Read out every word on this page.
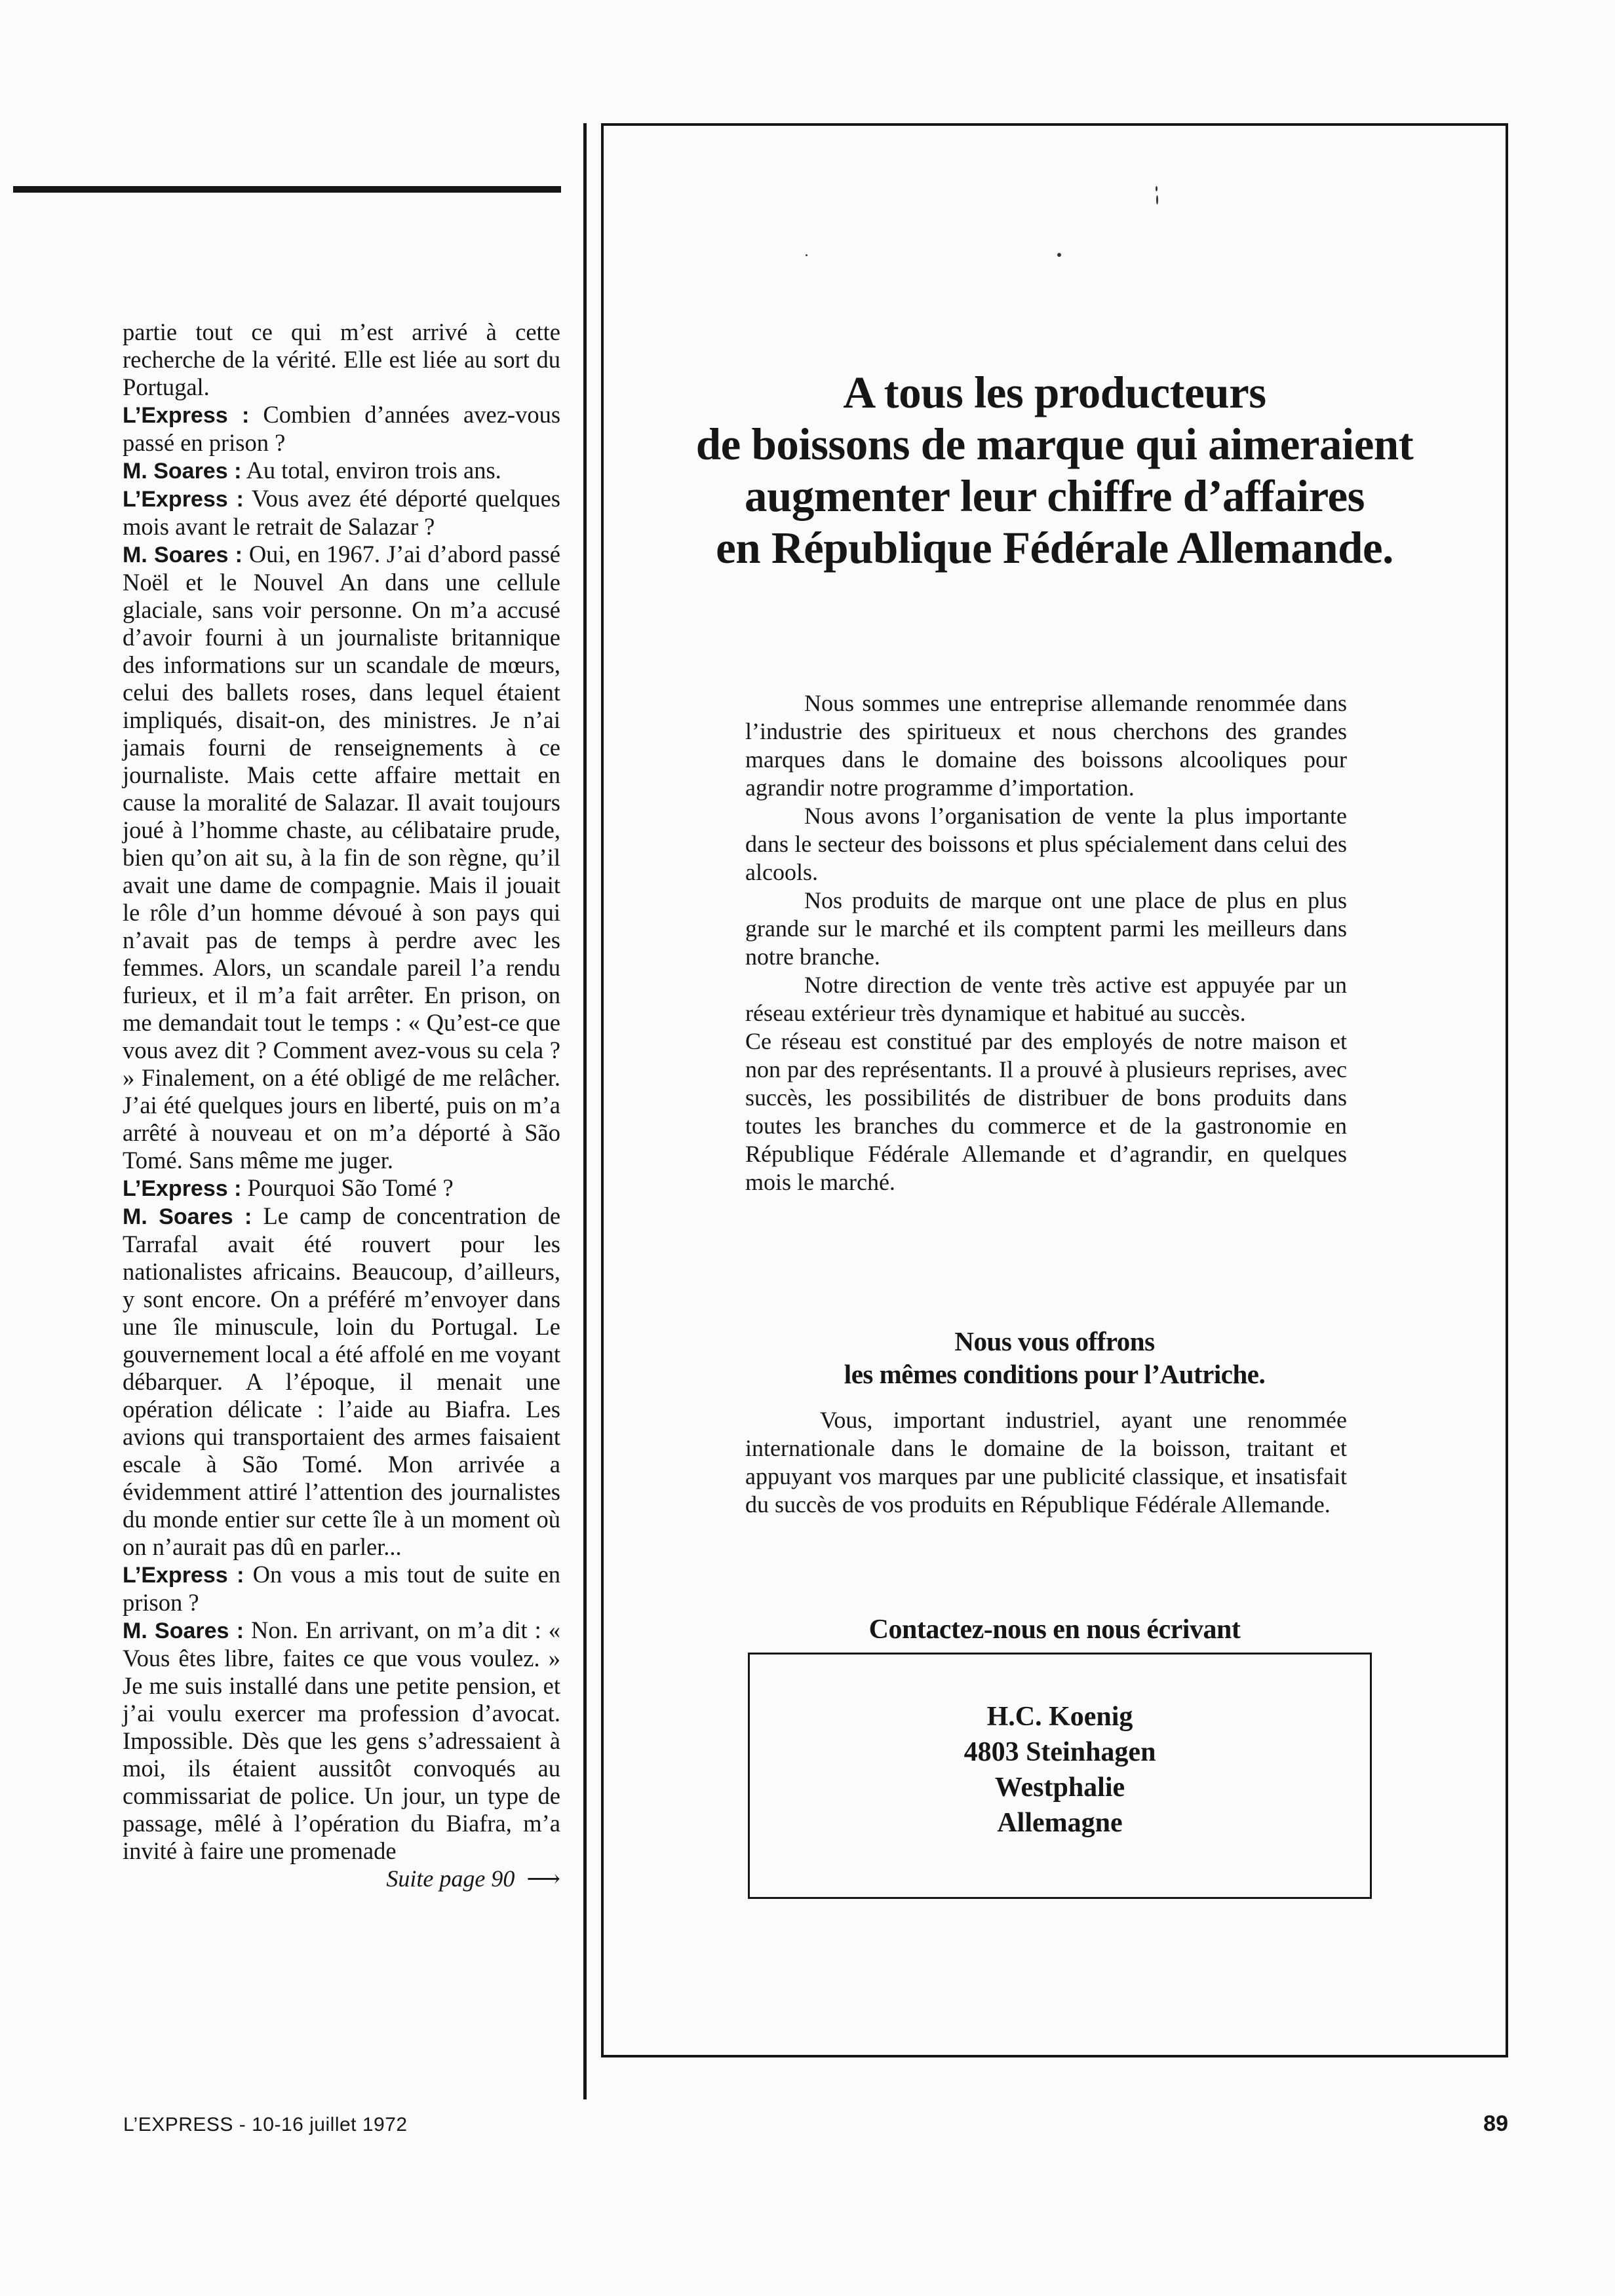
partie tout ce qui m’est arrivé à cette recherche de la vérité. Elle est liée au sort du Portugal.

L’Express : Combien d’années avez-vous passé en prison ?

M. Soares : Au total, environ trois ans.

L’Express : Vous avez été déporté quelques mois avant le retrait de Salazar ?

M. Soares : Oui, en 1967. J’ai d’abord passé Noël et le Nouvel An dans une cellule glaciale, sans voir personne. On m’a accusé d’avoir fourni à un journaliste britannique des informations sur un scandale de mœurs, celui des ballets roses, dans lequel étaient impliqués, disait-on, des ministres. Je n’ai jamais fourni de renseignements à ce journaliste. Mais cette affaire mettait en cause la moralité de Salazar. Il avait toujours joué à l’homme chaste, au célibataire prude, bien qu’on ait su, à la fin de son règne, qu’il avait une dame de compagnie. Mais il jouait le rôle d’un homme dévoué à son pays qui n’avait pas de temps à perdre avec les femmes. Alors, un scandale pareil l’a rendu furieux, et il m’a fait arrêter. En prison, on me demandait tout le temps : « Qu’est-ce que vous avez dit ? Comment avez-vous su cela ? » Finalement, on a été obligé de me relâcher. J’ai été quelques jours en liberté, puis on m’a arrêté à nouveau et on m’a déporté à São Tomé. Sans même me juger.

L’Express : Pourquoi São Tomé ?

M. Soares : Le camp de concentration de Tarrafal avait été rouvert pour les nationalistes africains. Beaucoup, d’ailleurs, y sont encore. On a préféré m’envoyer dans une île minuscule, loin du Portugal. Le gouvernement local a été affolé en me voyant débarquer. A l’époque, il menait une opération délicate : l’aide au Biafra. Les avions qui transportaient des armes faisaient escale à São Tomé. Mon arrivée a évidemment attiré l’attention des journalistes du monde entier sur cette île à un moment où on n’aurait pas dû en parler...

L’Express : On vous a mis tout de suite en prison ?

M. Soares : Non. En arrivant, on m’a dit : « Vous êtes libre, faites ce que vous voulez. » Je me suis installé dans une petite pension, et j’ai voulu exercer ma profession d’avocat. Impossible. Dès que les gens s’adressaient à moi, ils étaient aussitôt convoqués au commissariat de police. Un jour, un type de passage, mêlé à l’opération du Biafra, m’a invité à faire une promenade

Suite page 90 ⟶
A tous les producteurs
de boissons de marque qui aimeraient
augmenter leur chiffre d’affaires
en République Fédérale Allemande.

Nous sommes une entreprise allemande renommée dans l’industrie des spiritueux et nous cherchons des grandes marques dans le domaine des boissons alcooliques pour agrandir notre programme d’importation.

Nous avons l’organisation de vente la plus importante dans le secteur des boissons et plus spécialement dans celui des alcools.

Nos produits de marque ont une place de plus en plus grande sur le marché et ils comptent parmi les meilleurs dans notre branche.

Notre direction de vente très active est appuyée par un réseau extérieur très dynamique et habitué au succès.

Ce réseau est constitué par des employés de notre maison et non par des représentants. Il a prouvé à plusieurs reprises, avec succès, les possibilités de distribuer de bons produits dans toutes les branches du commerce et de la gastronomie en République Fédérale Allemande et d’agrandir, en quelques mois le marché.

Nous vous offrons
les mêmes conditions pour l’Autriche.

Vous, important industriel, ayant une renommée internationale dans le domaine de la boisson, traitant et appuyant vos marques par une publicité classique, et insatisfait du succès de vos produits en République Fédérale Allemande.

Contactez-nous en nous écrivant
H.C. Koenig
4803 Steinhagen
Westphalie
Allemagne
L’EXPRESS - 10-16 juillet 1972	89
